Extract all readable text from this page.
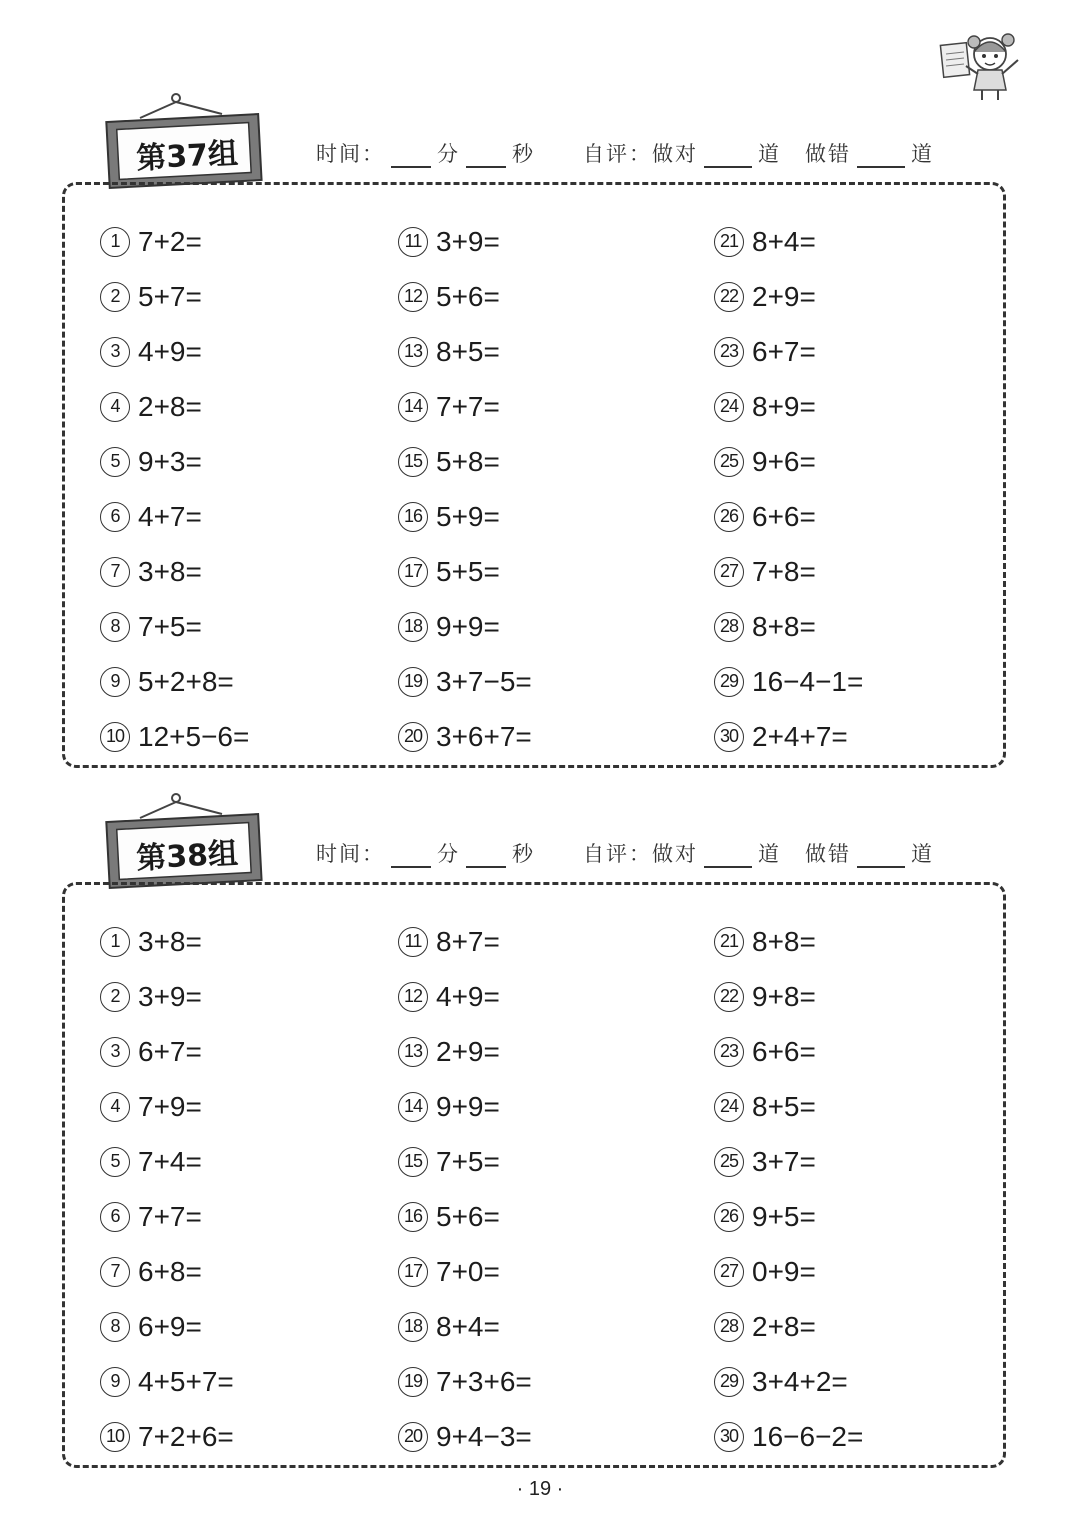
第37组	时间： 分 秒 自评：做对	道 做错	道
1 7+2=
2 5+7=
3 4+9=
4 2+8=
5 9+3=
6 4+7=
7 3+8=
8 7+5=
9 5+2+8=
10 12+5−6=
11 3+9=
12 5+6=
13 8+5=
14 7+7=
15 5+8=
16 5+9=
17 5+5=
18 9+9=
19 3+7−5=
20 3+6+7=
21 8+4=
22 2+9=
23 6+7=
24 8+9=
25 9+6=
26 6+6=
27 7+8=
28 8+8=
29 16−4−1=
30 2+4+7=
第38组	时间： 分 秒 自评：做对	道 做错	道
1 3+8=
2 3+9=
3 6+7=
4 7+9=
5 7+4=
6 7+7=
7 6+8=
8 6+9=
9 4+5+7=
10 7+2+6=
11 8+7=
12 4+9=
13 2+9=
14 9+9=
15 7+5=
16 5+6=
17 7+0=
18 8+4=
19 7+3+6=
20 9+4−3=
21 8+8=
22 9+8=
23 6+6=
24 8+5=
25 3+7=
26 9+5=
27 0+9=
28 2+8=
29 3+4+2=
30 16−6−2=
· 19 ·
